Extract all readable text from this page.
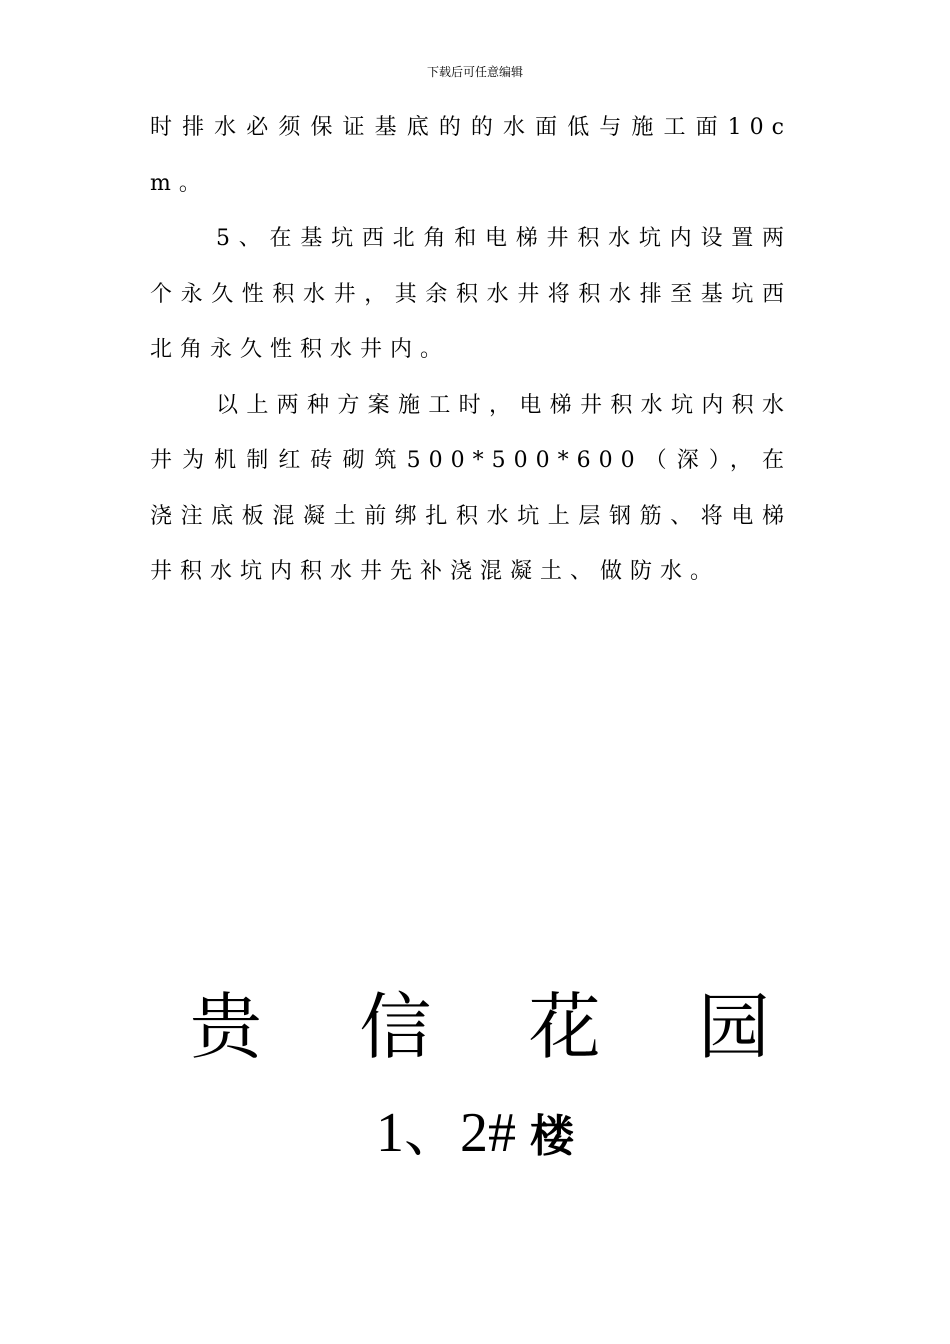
下载后可任意编辑

时排水必须保证基底的的水面低与施工面10cm。

5、在基坑西北角和电梯井积水坑内设置两个永久性积水井，其余积水井将积水排至基坑西北角永久性积水井内。

以上两种方案施工时，电梯井积水坑内积水井为机制红砖砌筑500*500*600（深），在浇注底板混凝土前绑扎积水坑上层钢筋、将电梯井积水坑内积水井先补浇混凝土、做防水。

贵 信 花 园
1、2# 楼
